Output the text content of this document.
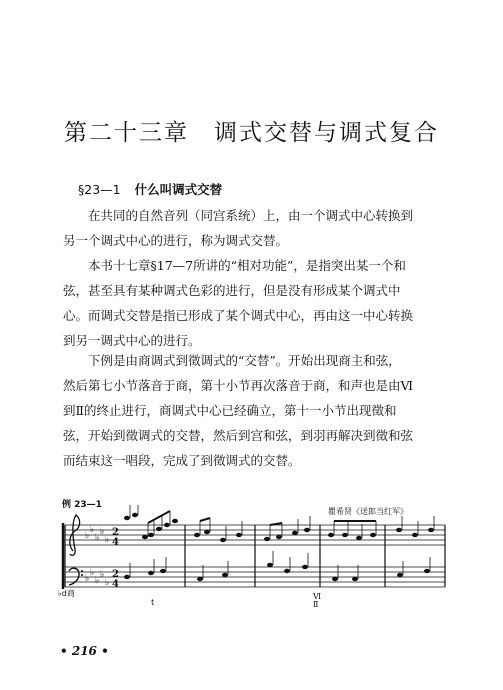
第二十三章　调式交替与调式复合
§23—1 什么叫调式交替

　　在共同的自然音列（同宫系统）上，由一个调式中心转换到
另一个调式中心的进行，称为调式交替。

　　本书十七章§17—7所讲的“相对功能”，是指突出某一个和
弦，甚至具有某种调式色彩的进行，但是没有形成某个调式中
心。而调式交替是指已形成了某个调式中心，再由这一中心转换
到另一调式中心的进行。

　　下例是由商调式到徵调式的“交替”。开始出现商主和弦，
然后第七小节落音于商，第十小节再次落音于商，和声也是由Ⅵ
到Ⅱ的终止进行，商调式中心已经确立，第十一小节出现徵和
弦，开始到徵调式的交替，然后到宫和弦，到羽再解决到徵和弦
而结束这一唱段，完成了到徵调式的交替。

例 23—1
瞿希贤《送郎当红军》
♭
♭
♭
♭
♭
♭
♭
♭
♭
♭
2
4
2
4
t
Ⅵ
Ⅱ
♭d商
• 216 •
